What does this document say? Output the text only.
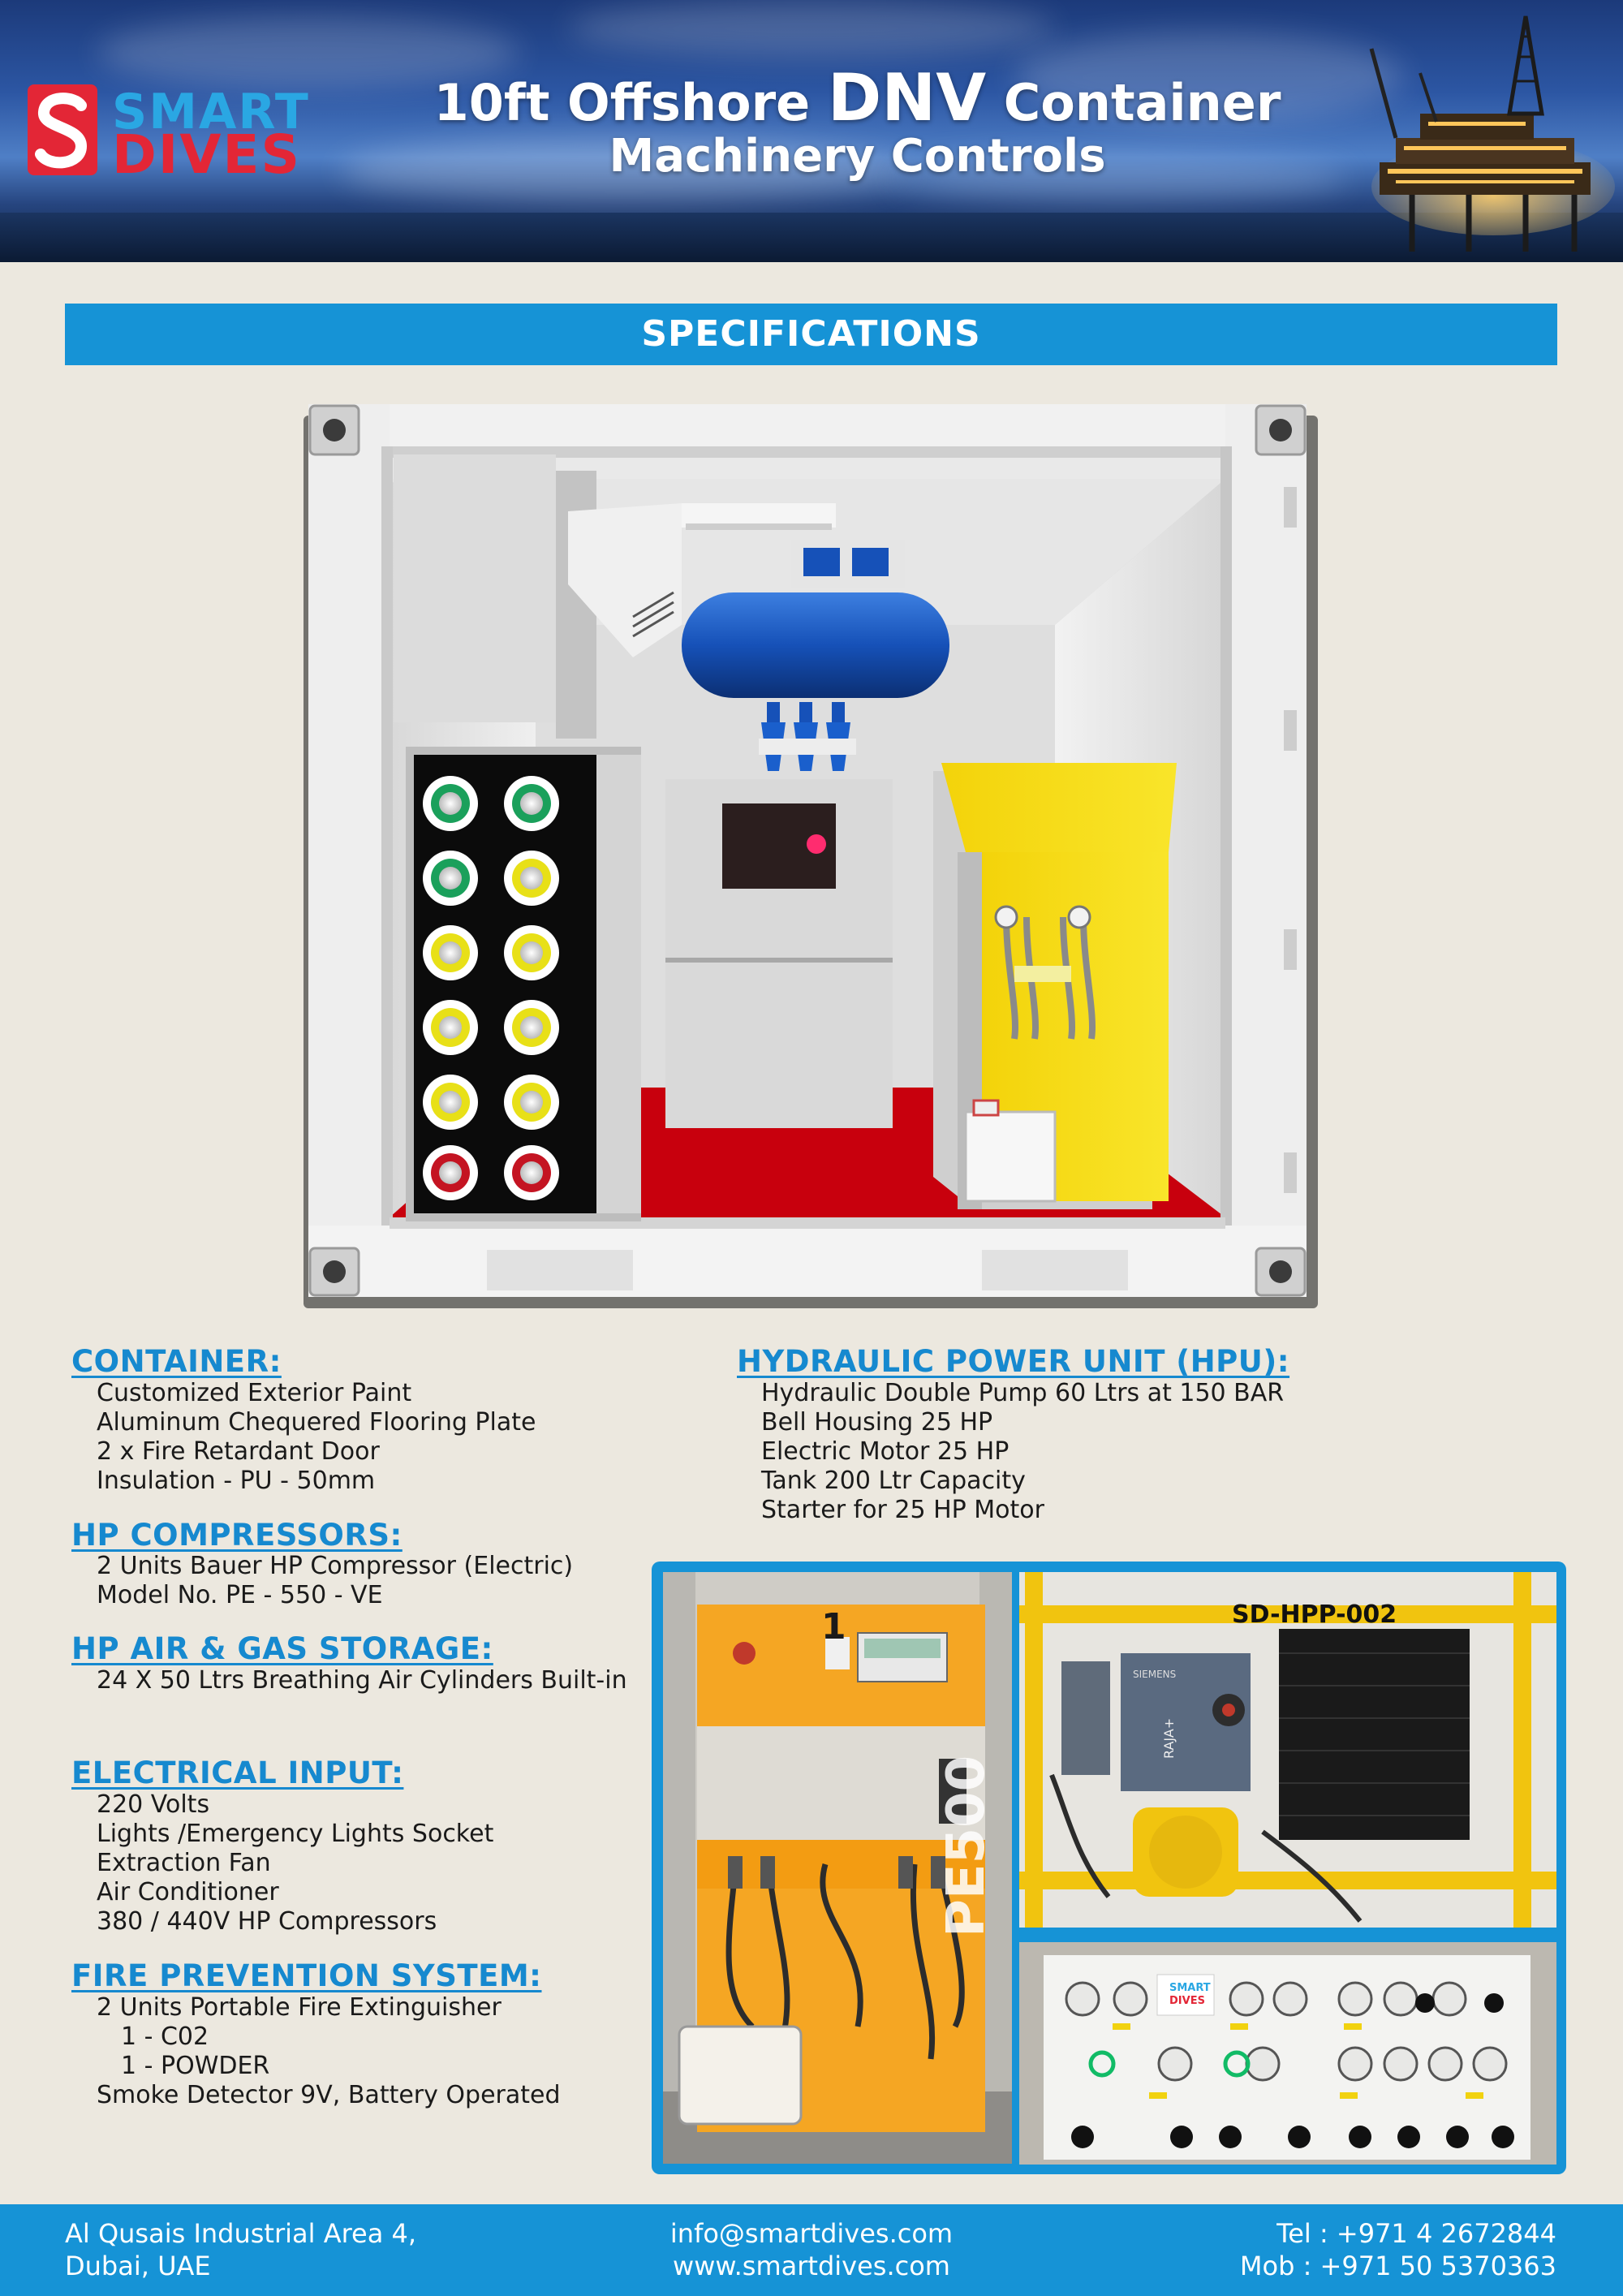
SMART
DIVES
10ft Offshore DNV Container
Machinery Controls
SPECIFICATIONS
CONTAINER:
Customized Exterior Paint
Aluminum Chequered Flooring Plate
2 x Fire Retardant Door
Insulation - PU - 50mm
HP COMPRESSORS:
2 Units Bauer HP Compressor (Electric)
Model No. PE - 550 - VE
HP AIR & GAS STORAGE:
24 X 50 Ltrs Breathing Air Cylinders Built-in
ELECTRICAL INPUT:
220 Volts
Lights /Emergency Lights Socket
Extraction Fan
Air Conditioner
380 / 440V HP Compressors
FIRE PREVENTION SYSTEM:
2 Units Portable Fire Extinguisher
1 - C02
1 - POWDER
Smoke Detector 9V, Battery Operated
HYDRAULIC POWER UNIT (HPU):
Hydraulic Double Pump 60 Ltrs at 150 BAR
Bell Housing 25 HP
Electric Motor 25 HP
Tank 200 Ltr Capacity
Starter for 25 HP Motor
PE500
1	SD-HPP-002
SIEMENS
RAJA+
SMART
DIVES
Al Qusais Industrial Area 4,
Dubai, UAE
info@smartdives.com
www.smartdives.com
Tel : +971 4 2672844
Mob : +971 50 5370363
